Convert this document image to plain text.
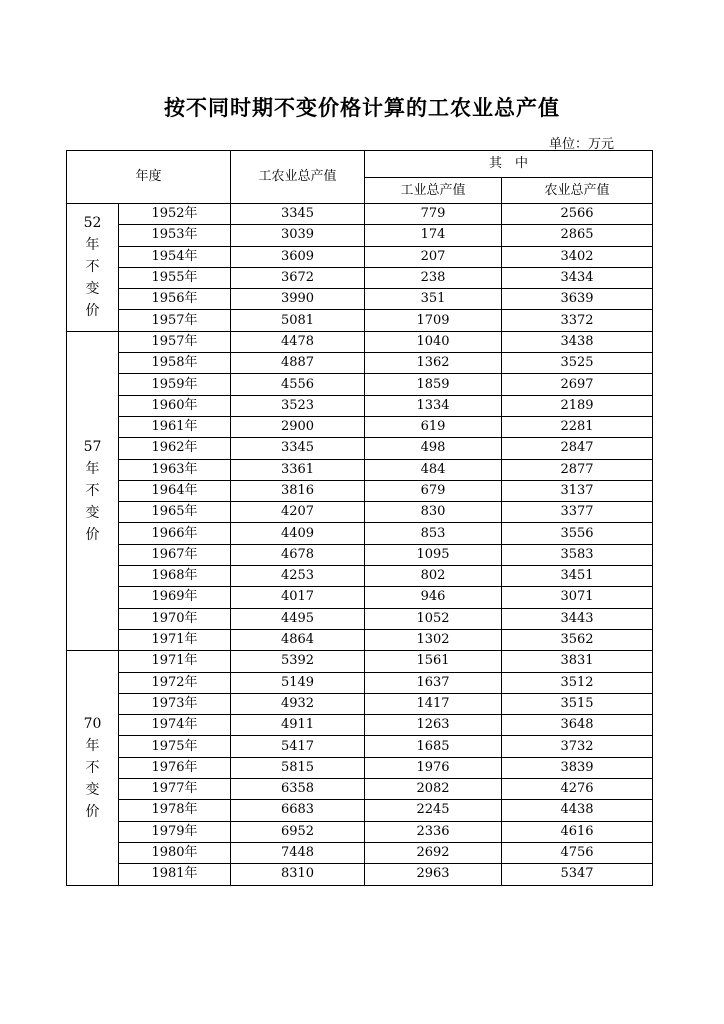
按不同时期不变价格计算的工农业总产值
单位：万元
年度		工农业总产值	其　中	
			工业总产值	农业总产值

52
年
不
变
价	1952年	3345	779	2566
	1953年	3039	174	2865
	1954年	3609	207	3402
	1955年	3672	238	3434
	1956年	3990	351	3639
	1957年	5081	1709	3372

57
年
不
变
价	1957年	4478	1040	3438
	1958年	4887	1362	3525
	1959年	4556	1859	2697
	1960年	3523	1334	2189
	1961年	2900	619	2281
	1962年	3345	498	2847
	1963年	3361	484	2877
	1964年	3816	679	3137
	1965年	4207	830	3377
	1966年	4409	853	3556
	1967年	4678	1095	3583
	1968年	4253	802	3451
	1969年	4017	946	3071
	1970年	4495	1052	3443
	1971年	4864	1302	3562

70
年
不
变
价	1971年	5392	1561	3831
	1972年	5149	1637	3512
	1973年	4932	1417	3515
	1974年	4911	1263	3648
	1975年	5417	1685	3732
	1976年	5815	1976	3839
	1977年	6358	2082	4276
	1978年	6683	2245	4438
	1979年	6952	2336	4616
	1980年	7448	2692	4756
	1981年	8310	2963	5347
